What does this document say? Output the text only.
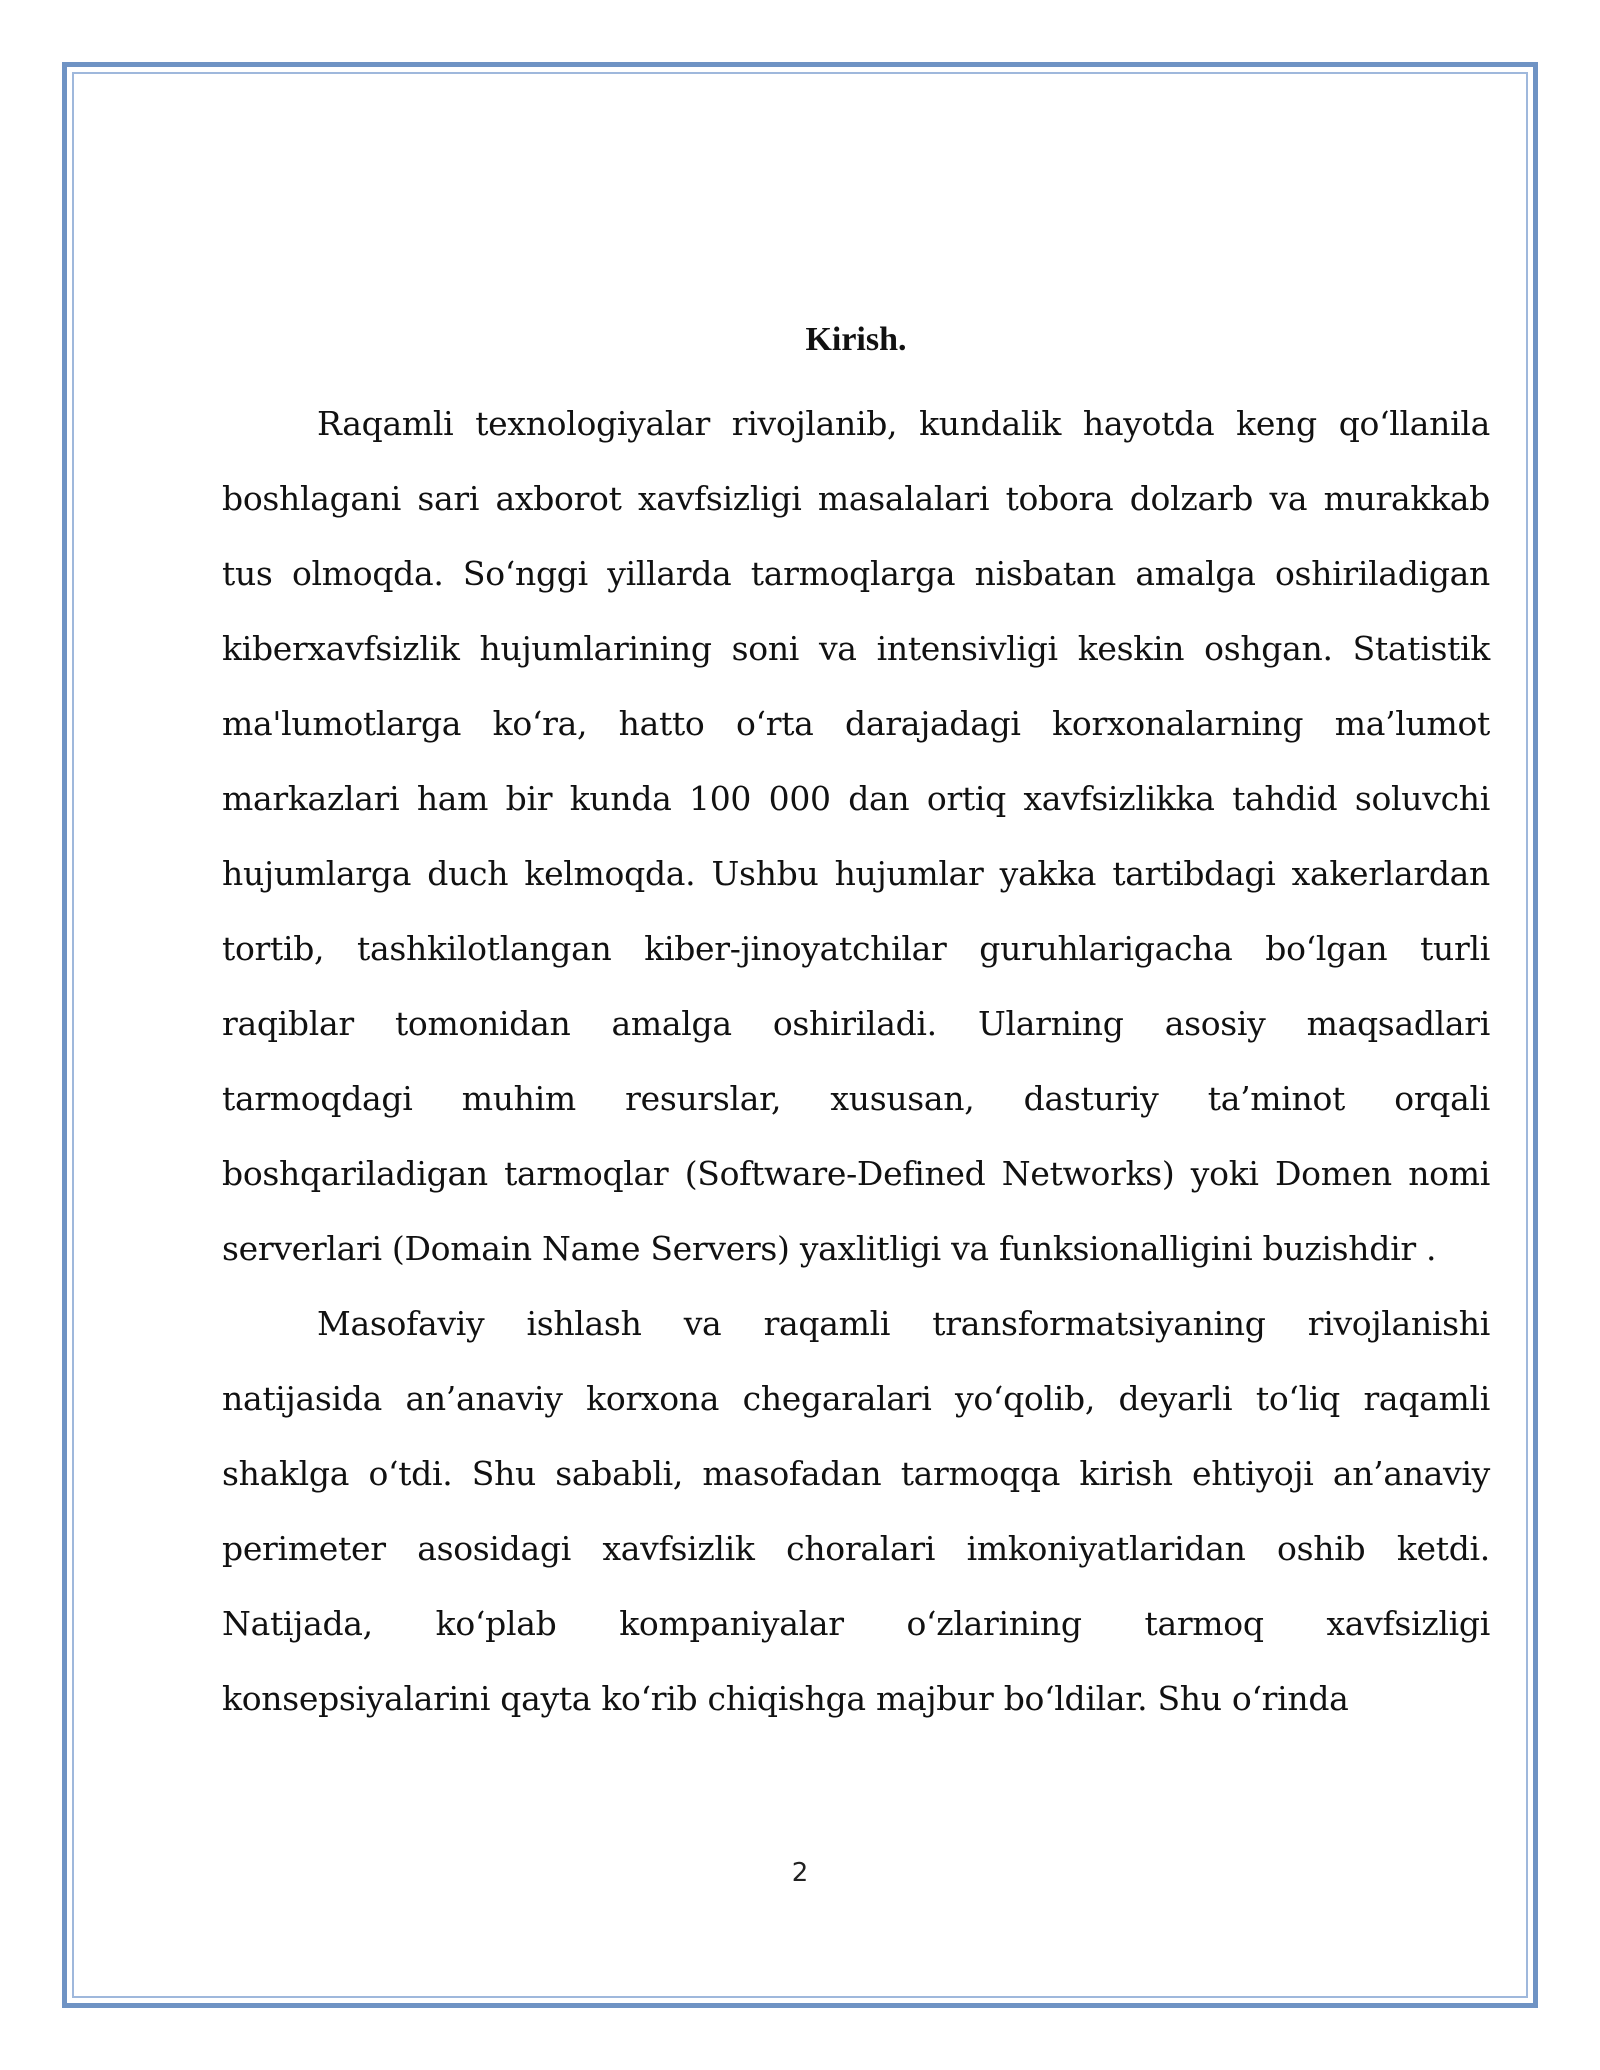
Kirish.

Raqamli texnologiyalar rivojlanib, kundalik hayotda keng qo‘llanila boshlagani sari axborot xavfsizligi masalalari tobora dolzarb va murakkab tus olmoqda. So‘nggi yillarda tarmoqlarga nisbatan amalga oshiriladigan kiberxavfsizlik hujumlarining soni va intensivligi keskin oshgan. Statistik ma'lumotlarga ko‘ra, hatto o‘rta darajadagi korxonalarning ma’lumot markazlari ham bir kunda 100 000 dan ortiq xavfsizlikka tahdid soluvchi hujumlarga duch kelmoqda. Ushbu hujumlar yakka tartibdagi xakerlardan tortib, tashkilotlangan kiber-jinoyatchilar guruhlarigacha bo‘lgan turli raqiblar tomonidan amalga oshiriladi. Ularning asosiy maqsadlari tarmoqdagi muhim resurslar, xususan, dasturiy ta’minot orqali boshqariladigan tarmoqlar (Software-Defined Networks) yoki Domen nomi serverlari (Domain Name Servers) yaxlitligi va funksionalligini buzishdir .

Masofaviy ishlash va raqamli transformatsiyaning rivojlanishi natijasida an’anaviy korxona chegaralari yo‘qolib, deyarli to‘liq raqamli shaklga o‘tdi. Shu sababli, masofadan tarmoqqa kirish ehtiyoji an’anaviy perimeter asosidagi xavfsizlik choralari imkoniyatlaridan oshib ketdi. Natijada, ko‘plab kompaniyalar o‘zlarining tarmoq xavfsizligi konsepsiyalarini qayta ko‘rib chiqishga majbur bo‘ldilar. Shu o‘rinda

2
